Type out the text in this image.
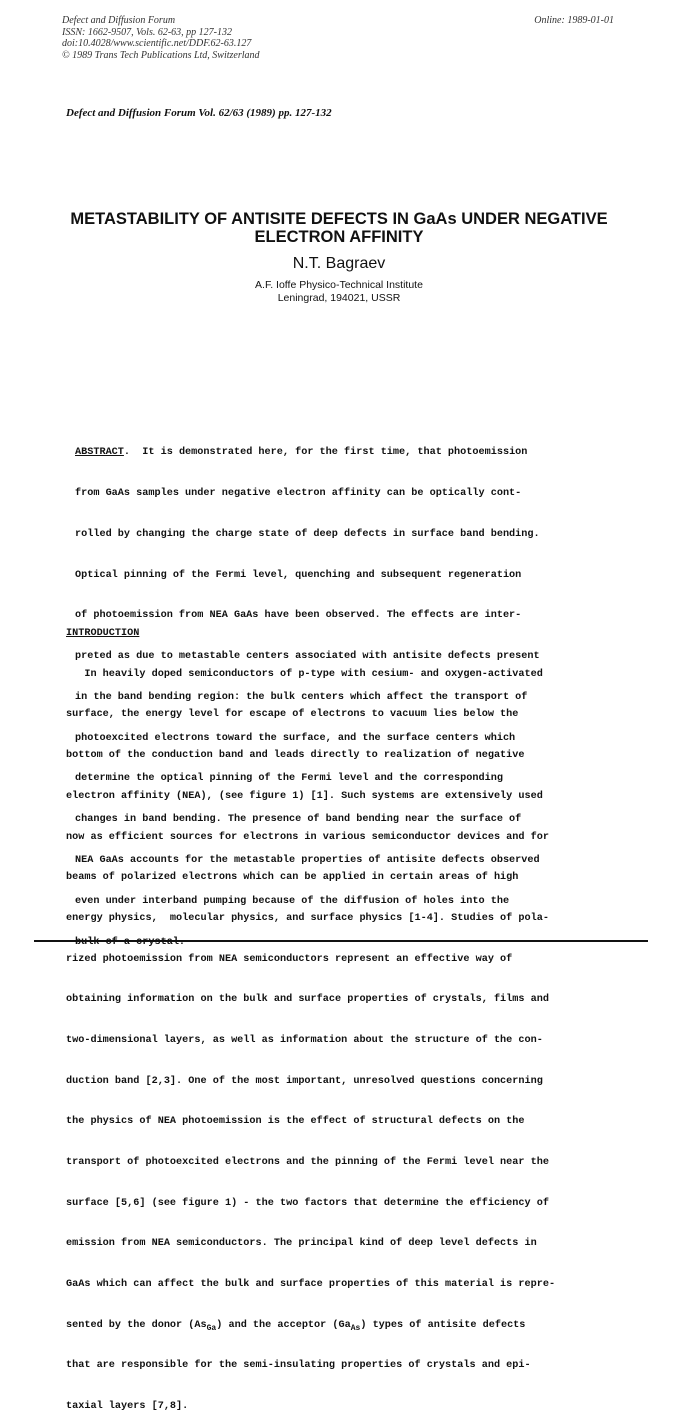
Defect and Diffusion Forum
ISSN: 1662-9507, Vols. 62-63, pp 127-132
doi:10.4028/www.scientific.net/DDF.62-63.127
© 1989 Trans Tech Publications Ltd, Switzerland
Online: 1989-01-01
Defect and Diffusion Forum Vol. 62/63 (1989) pp. 127-132
METASTABILITY OF ANTISITE DEFECTS IN GaAs UNDER NEGATIVE
ELECTRON AFFINITY
N.T. Bagraev
A.F. Ioffe Physico-Technical Institute
Leningrad, 194021, USSR

ABSTRACT.  It is demonstrated here, for the first time, that photoemission

from GaAs samples under negative electron affinity can be optically cont-

rolled by changing the charge state of deep defects in surface band bending.

Optical pinning of the Fermi level, quenching and subsequent regeneration

of photoemission from NEA GaAs have been observed. The effects are inter-

preted as due to metastable centers associated with antisite defects present

in the band bending region: the bulk centers which affect the transport of

photoexcited electrons toward the surface, and the surface centers which

determine the optical pinning of the Fermi level and the corresponding

changes in band bending. The presence of band bending near the surface of

NEA GaAs accounts for the metastable properties of antisite defects observed

even under interband pumping because of the diffusion of holes into the

bulk of a crystal.

INTRODUCTION

In heavily doped semiconductors of p-type with cesium- and oxygen-activated

surface, the energy level for escape of electrons to vacuum lies below the

bottom of the conduction band and leads directly to realization of negative

electron affinity (NEA), (see figure 1) [1]. Such systems are extensively used

now as efficient sources for electrons in various semiconductor devices and for

beams of polarized electrons which can be applied in certain areas of high

energy physics,  molecular physics, and surface physics [1-4]. Studies of pola-

rized photoemission from NEA semiconductors represent an effective way of

obtaining information on the bulk and surface properties of crystals, films and

two-dimensional layers, as well as information about the structure of the con-

duction band [2,3]. One of the most important, unresolved questions concerning

the physics of NEA photoemission is the effect of structural defects on the

transport of photoexcited electrons and the pinning of the Fermi level near the

surface [5,6] (see figure 1) - the two factors that determine the efficiency of

emission from NEA semiconductors. The principal kind of deep level defects in

GaAs which can affect the bulk and surface properties of this material is repre-

sented by the donor $(As_{Ga})$ and the acceptor $(Ga_{As})$ types of antisite defects

that are responsible for the semi-insulating properties of crystals and epi-

taxial layers [7,8].
